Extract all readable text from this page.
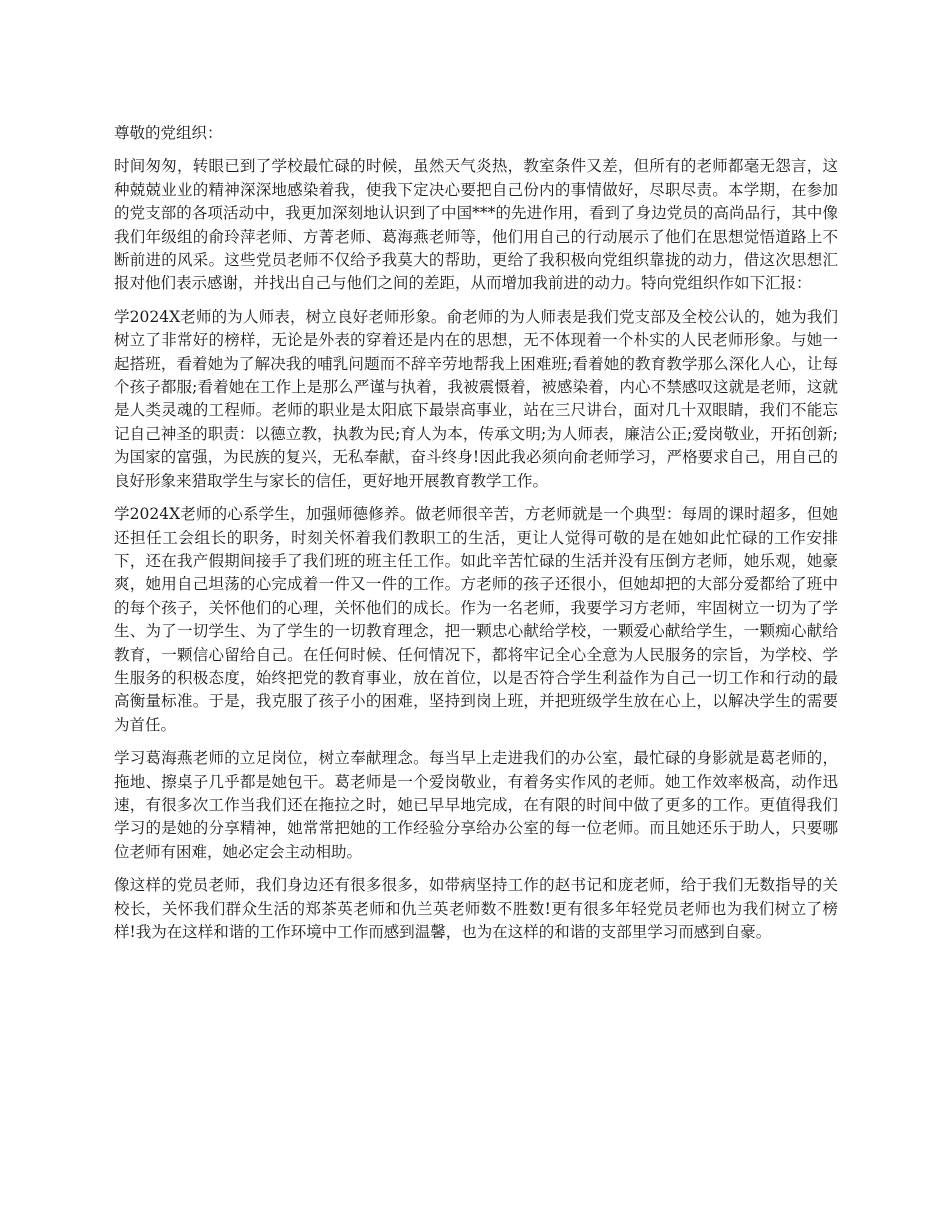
尊敬的党组织：

时间匆匆，转眼已到了学校最忙碌的时候，虽然天气炎热，教室条件又差，但所有的老师都毫无怨言，这种兢兢业业的精神深深地感染着我，使我下定决心要把自己份内的事情做好，尽职尽责。本学期，在参加的党支部的各项活动中，我更加深刻地认识到了中国***的先进作用，看到了身边党员的高尚品行，其中像我们年级组的俞玲萍老师、方菁老师、葛海燕老师等，他们用自己的行动展示了他们在思想觉悟道路上不断前进的风采。这些党员老师不仅给予我莫大的帮助，更给了我积极向党组织靠拢的动力，借这次思想汇报对他们表示感谢，并找出自己与他们之间的差距，从而增加我前进的动力。特向党组织作如下汇报：

学2024X老师的为人师表，树立良好老师形象。俞老师的为人师表是我们党支部及全校公认的，她为我们树立了非常好的榜样，无论是外表的穿着还是内在的思想，无不体现着一个朴实的人民老师形象。与她一起搭班，看着她为了解决我的哺乳问题而不辞辛劳地帮我上困难班;看着她的教育教学那么深化人心，让每个孩子都服;看着她在工作上是那么严谨与执着，我被震慑着，被感染着，内心不禁感叹这就是老师，这就是人类灵魂的工程师。老师的职业是太阳底下最崇高事业，站在三尺讲台，面对几十双眼睛，我们不能忘记自己神圣的职责：以德立教，执教为民;育人为本，传承文明;为人师表，廉洁公正;爱岗敬业，开拓创新;为国家的富强，为民族的复兴，无私奉献，奋斗终身!因此我必须向俞老师学习，严格要求自己，用自己的良好形象来猎取学生与家长的信任，更好地开展教育教学工作。

学2024X老师的心系学生，加强师德修养。做老师很辛苦，方老师就是一个典型：每周的课时超多，但她还担任工会组长的职务，时刻关怀着我们教职工的生活，更让人觉得可敬的是在她如此忙碌的工作安排下，还在我产假期间接手了我们班的班主任工作。如此辛苦忙碌的生活并没有压倒方老师，她乐观，她豪爽，她用自己坦荡的心完成着一件又一件的工作。方老师的孩子还很小，但她却把的大部分爱都给了班中的每个孩子，关怀他们的心理，关怀他们的成长。作为一名老师，我要学习方老师，牢固树立一切为了学生、为了一切学生、为了学生的一切教育理念，把一颗忠心献给学校，一颗爱心献给学生，一颗痴心献给教育，一颗信心留给自己。在任何时候、任何情况下，都将牢记全心全意为人民服务的宗旨，为学校、学生服务的积极态度，始终把党的教育事业，放在首位，以是否符合学生利益作为自己一切工作和行动的最高衡量标准。于是，我克服了孩子小的困难，坚持到岗上班，并把班级学生放在心上，以解决学生的需要为首任。

学习葛海燕老师的立足岗位，树立奉献理念。每当早上走进我们的办公室，最忙碌的身影就是葛老师的，拖地、擦桌子几乎都是她包干。葛老师是一个爱岗敬业，有着务实作风的老师。她工作效率极高，动作迅速，有很多次工作当我们还在拖拉之时，她已早早地完成，在有限的时间中做了更多的工作。更值得我们学习的是她的分享精神，她常常把她的工作经验分享给办公室的每一位老师。而且她还乐于助人，只要哪位老师有困难，她必定会主动相助。

像这样的党员老师，我们身边还有很多很多，如带病坚持工作的赵书记和庞老师，给于我们无数指导的关校长，关怀我们群众生活的郑茶英老师和仇兰英老师数不胜数!更有很多年轻党员老师也为我们树立了榜样!我为在这样和谐的工作环境中工作而感到温馨，也为在这样的和谐的支部里学习而感到自豪。
